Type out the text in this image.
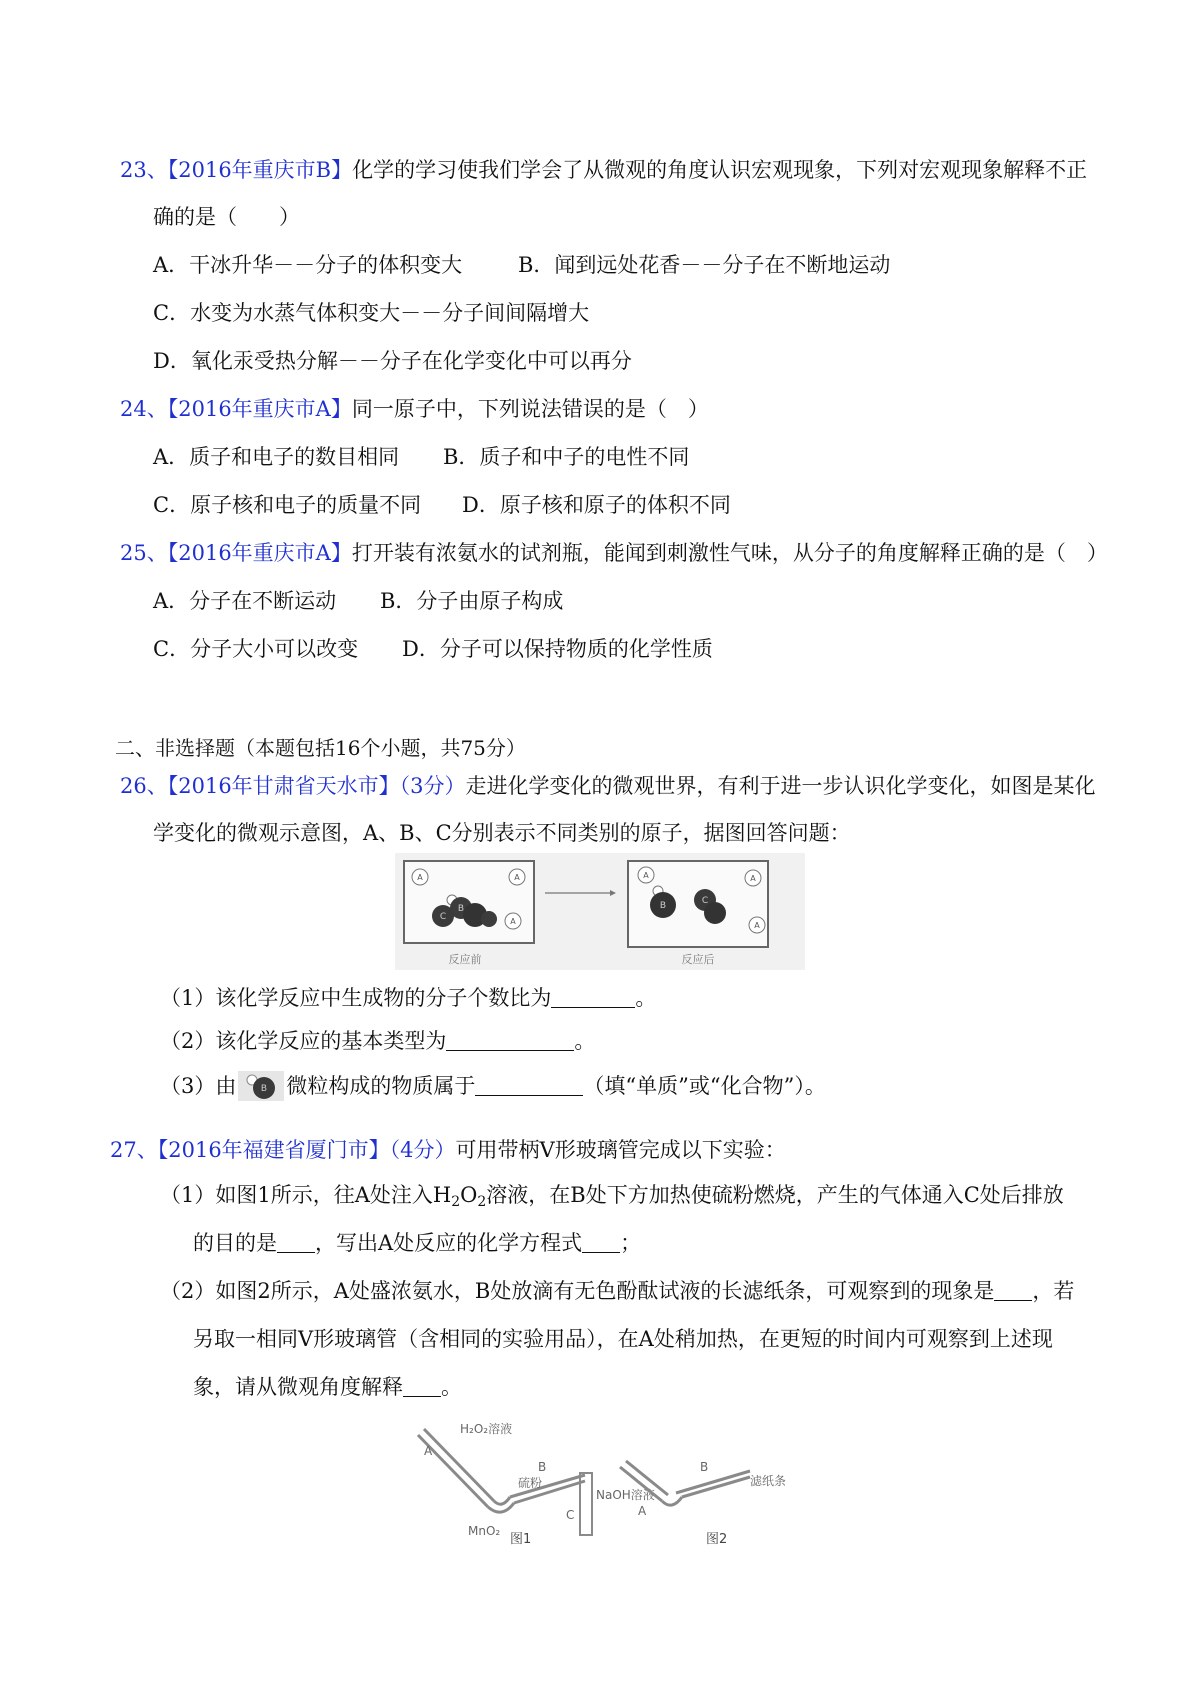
23、【2016年重庆市B】化学的学习使我们学会了从微观的角度认识宏观现象，下列对宏观现象解释不正
确的是（　　）
A．干冰升华－－分子的体积变大	B．闻到远处花香－－分子在不断地运动
C．水变为水蒸气体积变大－－分子间间隔增大
D．氧化汞受热分解－－分子在化学变化中可以再分
24、【2016年重庆市A】同一原子中，下列说法错误的是（　）
A．质子和电子的数目相同 B．质子和中子的电性不同
C．原子核和电子的质量不同 D．原子核和原子的体积不同
25、【2016年重庆市A】打开装有浓氨水的试剂瓶，能闻到刺激性气味，从分子的角度解释正确的是（　）
A．分子在不断运动 B．分子由原子构成
C．分子大小可以改变 D．分子可以保持物质的化学性质
二、非选择题（本题包括16个小题，共75分）
26、【2016年甘肃省天水市】（3分）走进化学变化的微观世界，有利于进一步认识化学变化，如图是某化
学变化的微观示意图，A、B、C分别表示不同类别的原子，据图回答问题：
A	A
A
B
C
A	A
A
B	C
反应前	反应后
（1）该化学反应中生成物的分子个数比为	。
（2）该化学反应的基本类型为	。
（3）由	B 微粒构成的物质属于	（填“单质”或“化合物”）。
27、【2016年福建省厦门市】（4分）可用带柄V形玻璃管完成以下实验：
（1）如图1所示，往A处注入$H_2O_2$溶液，在B处下方加热使硫粉燃烧，产生的气体通入C处后排放
的目的是 ，写出A处反应的化学方程式 ；
（2）如图2所示，A处盛浓氨水，B处放滴有无色酚酞试液的长滤纸条，可观察到的现象是 ，若
另取一相同V形玻璃管（含相同的实验用品），在A处稍加热，在更短的时间内可观察到上述现
象，请从微观角度解释 。
H₂O₂溶液
MnO₂
硫粉
NaOH溶液
A
B
C
图1
A
B
滤纸条
图2
